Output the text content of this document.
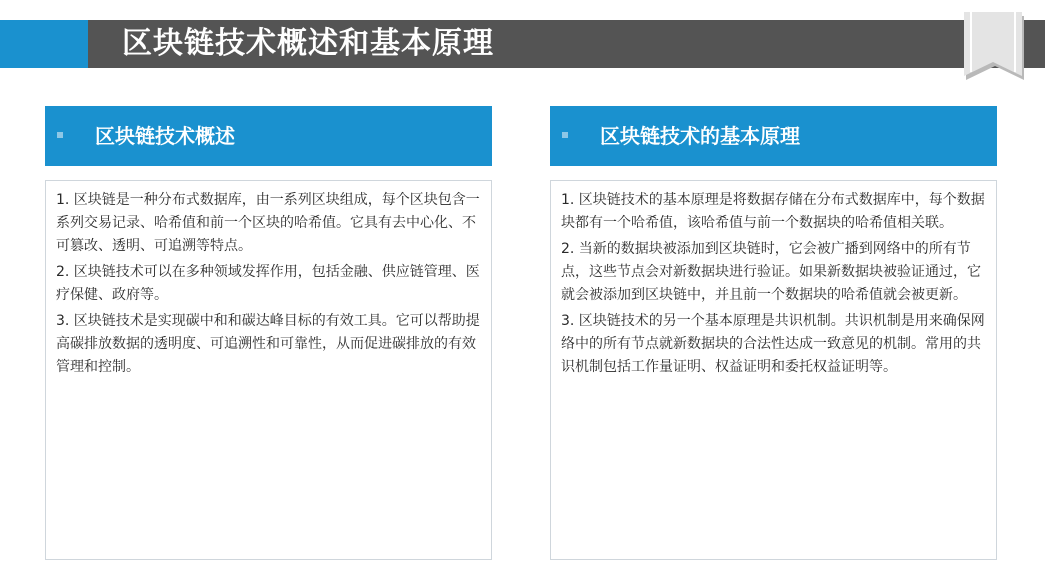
区块链技术概述和基本原理
区块链技术概述

1. 区块链是一种分布式数据库，由一系列区块组成，每个区块包含一系列交易记录、哈希值和前一个区块的哈希值。它具有去中心化、不可篡改、透明、可追溯等特点。

2. 区块链技术可以在多种领域发挥作用，包括金融、供应链管理、医疗保健、政府等。

3. 区块链技术是实现碳中和和碳达峰目标的有效工具。它可以帮助提高碳排放数据的透明度、可追溯性和可靠性，从而促进碳排放的有效管理和控制。

区块链技术的基本原理

1. 区块链技术的基本原理是将数据存储在分布式数据库中，每个数据块都有一个哈希值，该哈希值与前一个数据块的哈希值相关联。

2. 当新的数据块被添加到区块链时，它会被广播到网络中的所有节点，这些节点会对新数据块进行验证。如果新数据块被验证通过，它就会被添加到区块链中，并且前一个数据块的哈希值就会被更新。

3. 区块链技术的另一个基本原理是共识机制。共识机制是用来确保网络中的所有节点就新数据块的合法性达成一致意见的机制。常用的共识机制包括工作量证明、权益证明和委托权益证明等。
